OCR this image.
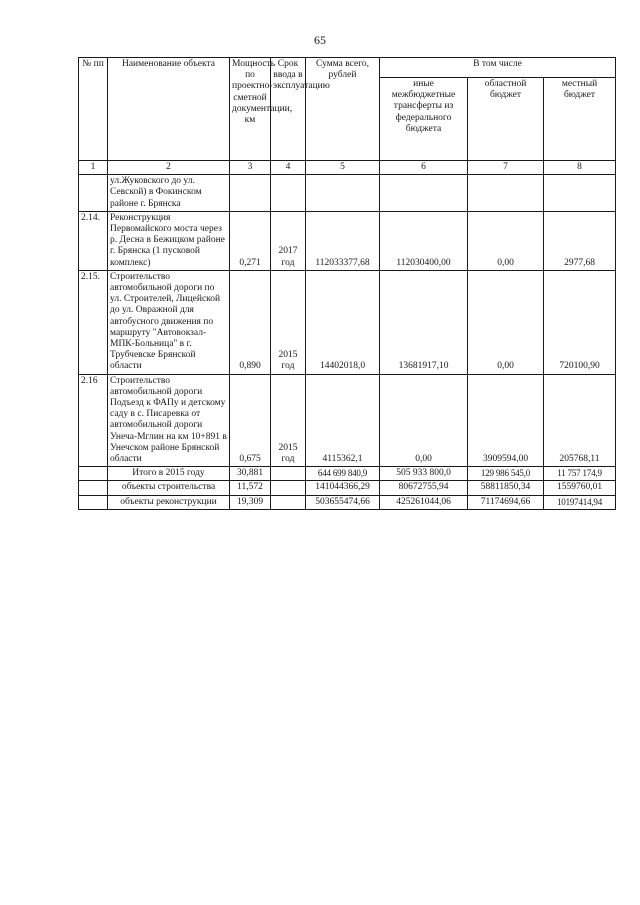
65
№ пп	Наименование объекта	Мощность по проектно-сметной документации, км	Срок ввода в эксплуатацию	Сумма всего, рублей	В том числе		
					иные межбюджетные трансферты из федерального бюджета	областной бюджет	местный бюджет
1	2	3	4	5	6	7	8
	ул.Жуковского до ул. Севской) в Фокинском районе г. Брянска						
2.14.	Реконструкция Первомайского моста через р. Десна в Бежицком районе г. Брянска (1 пусковой комплекс)	0,271	2017 год	112033377,68	112030400,00	0,00	2977,68
2.15.	Строительство автомобильной дороги по ул. Строителей, Лицейской до ул. Овражной для автобусного движения по маршруту "Автовокзал-МПК-Больница" в г. Трубчевске Брянской области	0,890	2015 год	14402018,0	13681917,10	0,00	720100,90
2.16	Строительство автомобильной дороги Подъезд к ФАПу и детскому саду в с. Писаревка от автомобильной дороги Унеча-Мглин на км 10+891 в Унечском районе Брянской области	0,675	2015 год	4115362,1	0,00	3909594,00	205768,11
	Итого в 2015 году	30,881		644 699 840,9	505 933 800,0	129 986 545,0	11 757 174,9
	объекты строительства	11,572		141044366,29	80672755,94	58811850,34	1559760,01
	объекты реконструкции	19,309		503655474,66	425261044,06	71174694,66	10197414,94
